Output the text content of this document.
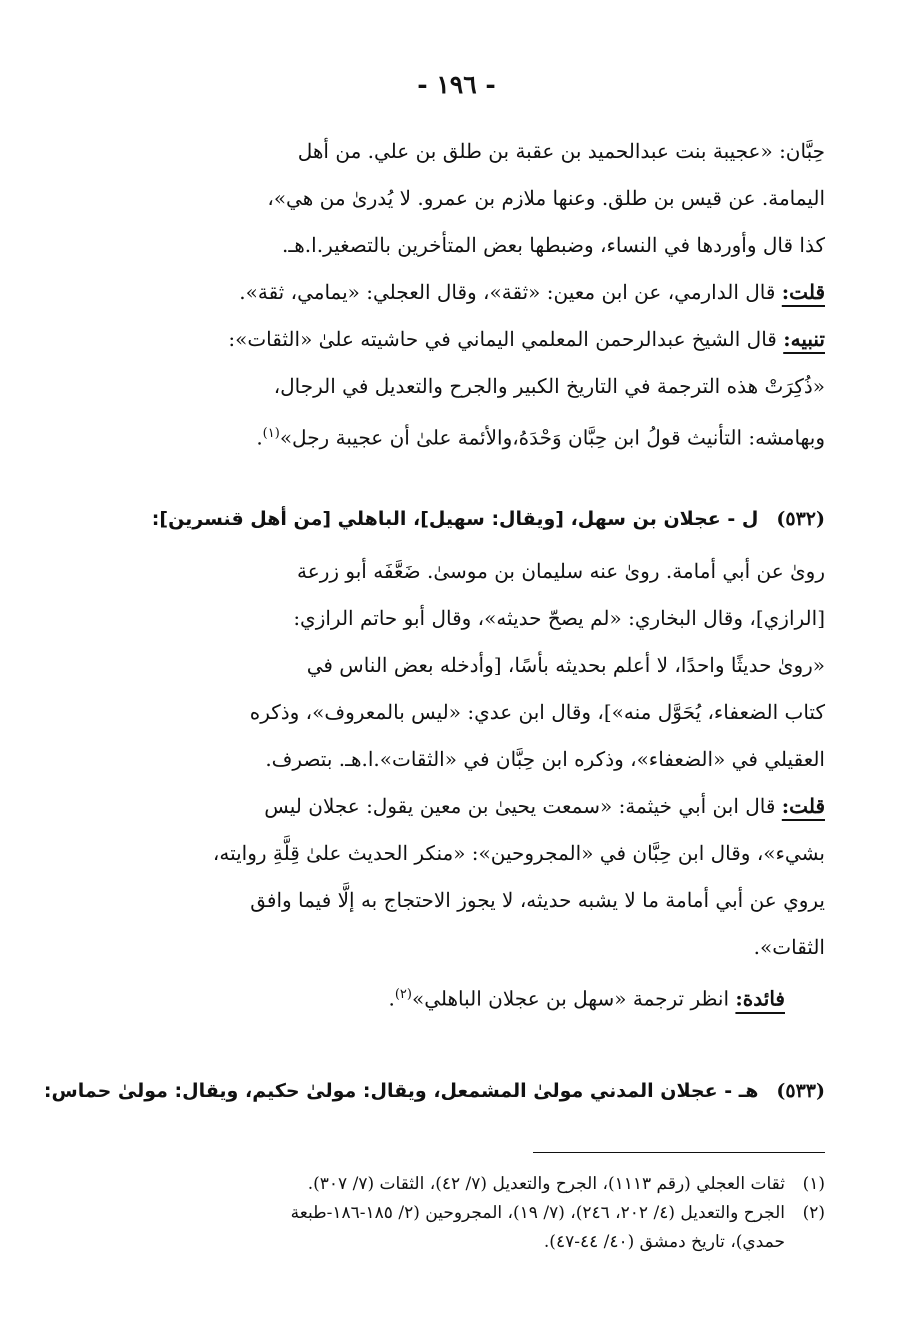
- ١٩٦ -
حِبَّان: «عجيبة بنت عبدالحميد بن عقبة بن طلق بن علي. من أهل
اليمامة. عن قيس بن طلق. وعنها ملازم بن عمرو. لا يُدرىٰ من هي»،
كذا قال وأوردها في النساء، وضبطها بعض المتأخرين بالتصغير.ا.هـ.
قلت: قال الدارمي، عن ابن معين: «ثقة»، وقال العجلي: «يمامي، ثقة».
تنبيه: قال الشيخ عبدالرحمن المعلمي اليماني في حاشيته علىٰ «الثقات»:
«ذُكِرَتْ هذه الترجمة في التاريخ الكبير والجرح والتعديل في الرجال،
وبهامشه: التأنيث قولُ ابن حِبَّان وَحْدَهُ،والأئمة علىٰ أن عجيبة رجل»$^{(١)}$.
(٥٣٢)ل - عجلان بن سهل، [ويقال: سهيل]، الباهلي [من أهل قنسرين]:
روىٰ عن أبي أمامة. روىٰ عنه سليمان بن موسىٰ. ضَعَّفَه أبو زرعة
[الرازي]، وقال البخاري: «لم يصحّ حديثه»، وقال أبو حاتم الرازي:
«روىٰ حديثًا واحدًا، لا أعلم بحديثه بأسًا، [وأدخله بعض الناس في
كتاب الضعفاء، يُحَوَّل منه»]، وقال ابن عدي: «ليس بالمعروف»، وذكره
العقيلي في «الضعفاء»، وذكره ابن حِبَّان في «الثقات».ا.هـ. بتصرف.
قلت: قال ابن أبي خيثمة: «سمعت يحيىٰ بن معين يقول: عجلان ليس
بشيء»، وقال ابن حِبَّان في «المجروحين»: «منكر الحديث علىٰ قِلَّةِ روايته،
يروي عن أبي أمامة ما لا يشبه حديثه، لا يجوز الاحتجاج به إلَّا فيما وافق
الثقات».
فائدة: انظر ترجمة «سهل بن عجلان الباهلي»$^{(٢)}$.
(٥٣٣)هـ - عجلان المدني مولىٰ المشمعل، ويقال: مولىٰ حكيم، ويقال: مولىٰ حماس:
(١)ثقات العجلي (رقم ١١١٣)، الجرح والتعديل (٧/ ٤٢)، الثقات (٧/ ٣٠٧).
(٢)الجرح والتعديل (٤/ ٢٠٢، ٢٤٦)، (٧/ ١٩)، المجروحين (٢/ ١٨٥-١٨٦-طبعة
حمدي)، تاريخ دمشق (٤٠/ ٤٤-٤٧).
